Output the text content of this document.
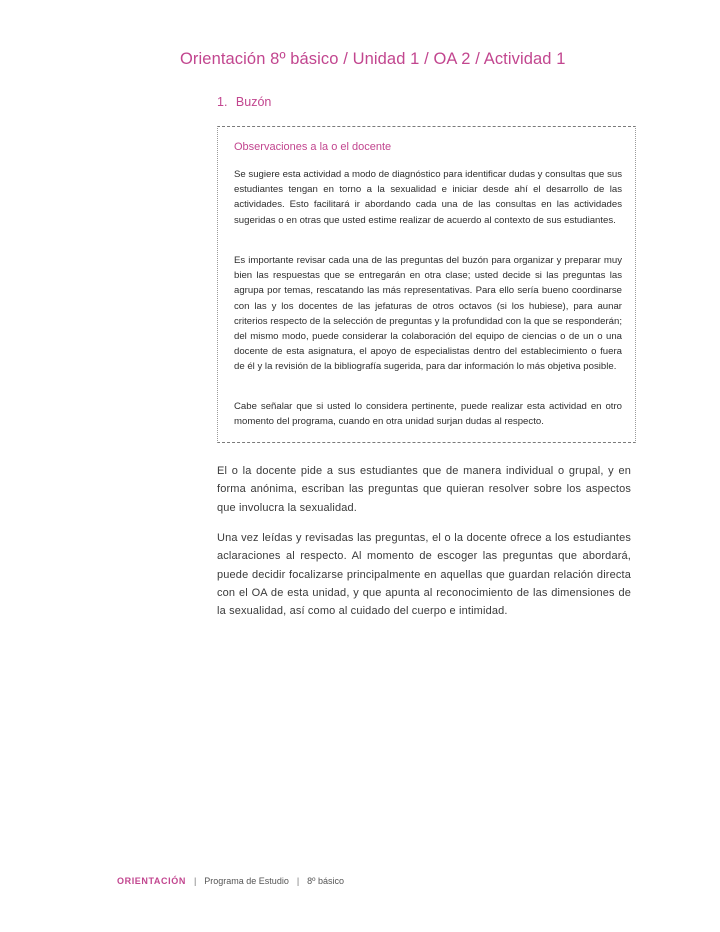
Orientación 8º básico / Unidad 1 / OA 2 / Actividad 1
1. Buzón
Observaciones a la o el docente

Se sugiere esta actividad a modo de diagnóstico para identificar dudas y consultas que sus estudiantes tengan en torno a la sexualidad e iniciar desde ahí el desarrollo de las actividades. Esto facilitará ir abordando cada una de las consultas en las actividades sugeridas o en otras que usted estime realizar de acuerdo al contexto de sus estudiantes.

Es importante revisar cada una de las preguntas del buzón para organizar y preparar muy bien las respuestas que se entregarán en otra clase; usted decide si las preguntas las agrupa por temas, rescatando las más representativas. Para ello sería bueno coordinarse con las y los docentes de las jefaturas de otros octavos (si los hubiese), para aunar criterios respecto de la selección de preguntas y la profundidad con la que se responderán; del mismo modo, puede considerar la colaboración del equipo de ciencias o de un o una docente de esta asignatura, el apoyo de especialistas dentro del establecimiento o fuera de él y la revisión de la bibliografía sugerida, para dar información lo más objetiva posible.

Cabe señalar que si usted lo considera pertinente, puede realizar esta actividad en otro momento del programa, cuando en otra unidad surjan dudas al respecto.

El o la docente pide a sus estudiantes que de manera individual o grupal, y en forma anónima, escriban las preguntas que quieran resolver sobre los aspectos que involucra la sexualidad.

Una vez leídas y revisadas las preguntas, el o la docente ofrece a los estudiantes aclaraciones al respecto. Al momento de escoger las preguntas que abordará, puede decidir focalizarse principalmente en aquellas que guardan relación directa con el OA de esta unidad, y que apunta al reconocimiento de las dimensiones de la sexualidad, así como al cuidado del cuerpo e intimidad.

ORIENTACIÓN | Programa de Estudio | 8º básico
